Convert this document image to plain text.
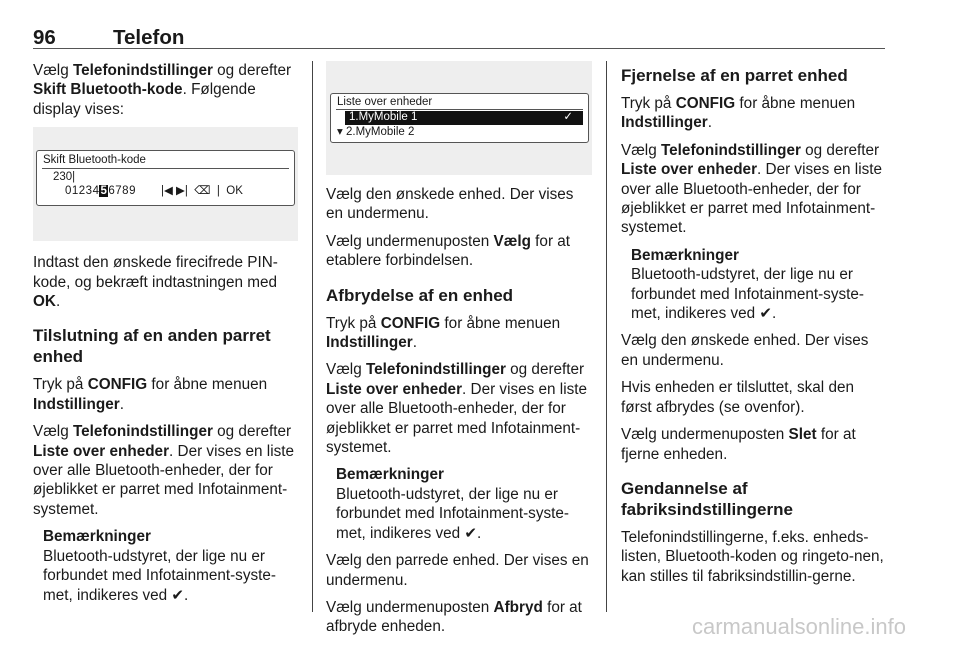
96	Telefon

Vælg Telefonindstillinger og derefter Skift Bluetooth-kode. Følgende display vises:

Skift Bluetooth-kode
230|
0123456789 |◀ ▶|  ⌫  |  OK

Indtast den ønskede firecifrede PIN-kode, og bekræft indtastningen med OK.

Tilslutning af en anden parret enhed

Tryk på CONFIG for åbne menuen Indstillinger.

Vælg Telefonindstillinger og derefter Liste over enheder. Der vises en liste over alle Bluetooth-enheder, der for øjeblikket er parret med Infotainment-systemet.

Bemærkninger
Bluetooth-udstyret, der lige nu er forbundet med Infotainment-syste-met, indikeres ved ✔.
Liste over enheder
1.MyMobile 1	✓
▾ 2.MyMobile 2

Vælg den ønskede enhed. Der vises en undermenu.

Vælg undermenuposten Vælg for at etablere forbindelsen.

Afbrydelse af en enhed

Tryk på CONFIG for åbne menuen Indstillinger.

Vælg Telefonindstillinger og derefter Liste over enheder. Der vises en liste over alle Bluetooth-enheder, der for øjeblikket er parret med Infotainment-systemet.

Bemærkninger
Bluetooth-udstyret, der lige nu er forbundet med Infotainment-syste-met, indikeres ved ✔.

Vælg den parrede enhed. Der vises en undermenu.

Vælg undermenuposten Afbryd for at afbryde enheden.

Fjernelse af en parret enhed

Tryk på CONFIG for åbne menuen Indstillinger.

Vælg Telefonindstillinger og derefter Liste over enheder. Der vises en liste over alle Bluetooth-enheder, der for øjeblikket er parret med Infotainment-systemet.

Bemærkninger
Bluetooth-udstyret, der lige nu er forbundet med Infotainment-syste-met, indikeres ved ✔.

Vælg den ønskede enhed. Der vises en undermenu.

Hvis enheden er tilsluttet, skal den først afbrydes (se ovenfor).

Vælg undermenuposten Slet for at fjerne enheden.

Gendannelse af fabriksindstillingerne

Telefonindstillingerne, f.eks. enheds-listen, Bluetooth-koden og ringeto-nen, kan stilles til fabriksindstillin-gerne.

carmanualsonline.info
